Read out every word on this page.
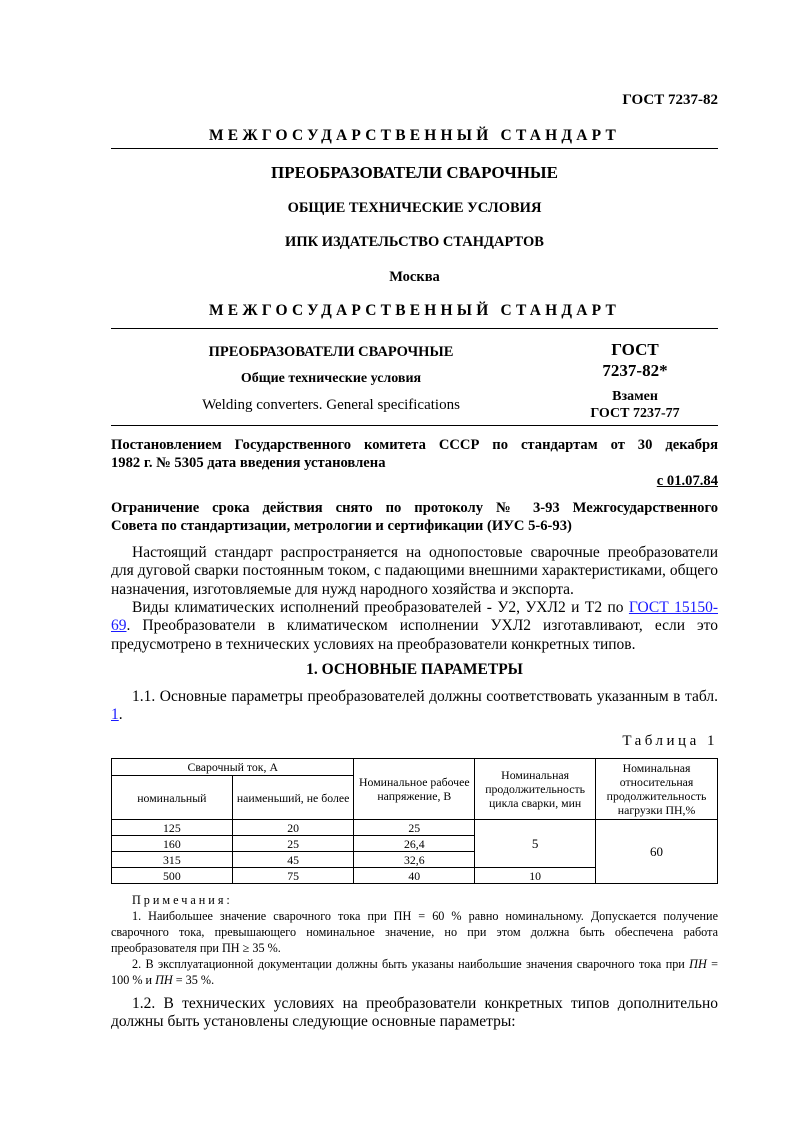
ГОСТ 7237-82
МЕЖГОСУДАРСТВЕННЫЙ СТАНДАРТ
ПРЕОБРАЗОВАТЕЛИ СВАРОЧНЫЕ
ОБЩИЕ ТЕХНИЧЕСКИЕ УСЛОВИЯ
ИПК ИЗДАТЕЛЬСТВО СТАНДАРТОВ
Москва
МЕЖГОСУДАРСТВЕННЫЙ СТАНДАРТ
ПРЕОБРАЗОВАТЕЛИ СВАРОЧНЫЕ
Общие технические условия
Welding converters. General specifications
ГОСТ
7237-82*
Взамен
ГОСТ 7237-77
Постановлением Государственного комитета СССР по стандартам от 30 декабря
1982 г. № 5305 дата введения установлена
с 01.07.84
Ограничение срока действия снято по протоколу № 3-93 Межгосударственного
Совета по стандартизации, метрологии и сертификации (ИУС 5-6-93)
Настоящий стандарт распространяется на однопостовые сварочные преобразователи для дуговой сварки постоянным током, с падающими внешними характеристиками, общего назначения, изготовляемые для нужд народного хозяйства и экспорта.
Виды климатических исполнений преобразователей - У2, УХЛ2 и Т2 по ГОСТ 15150-69. Преобразователи в климатическом исполнении УХЛ2 изготавливают, если это предусмотрено в технических условиях на преобразователи конкретных типов.
1. ОСНОВНЫЕ ПАРАМЕТРЫ
1.1. Основные параметры преобразователей должны соответствовать указанным в табл. 1.
Таблица 1
Сварочный ток, А		Номинальное рабочее напряжение, В	Номинальная продолжительность цикла сварки, мин	Номинальная относительная продолжительность нагрузки ПН,%
номинальный	наименьший, не более			
125	20	25	5	60
160	25	26,4		
315	45	32,6		
500	75	40	10	
Примечания:
1. Наибольшее значение сварочного тока при ПН = 60 % равно номинальному. Допускается получение сварочного тока, превышающего номинальное значение, но при этом должна быть обеспечена работа преобразователя при ПН ≥ 35 %.
2. В эксплуатационной документации должны быть указаны наибольшие значения сварочного тока при ПН = 100 % и ПН = 35 %.
1.2. В технических условиях на преобразователи конкретных типов дополнительно должны быть установлены следующие основные параметры:
